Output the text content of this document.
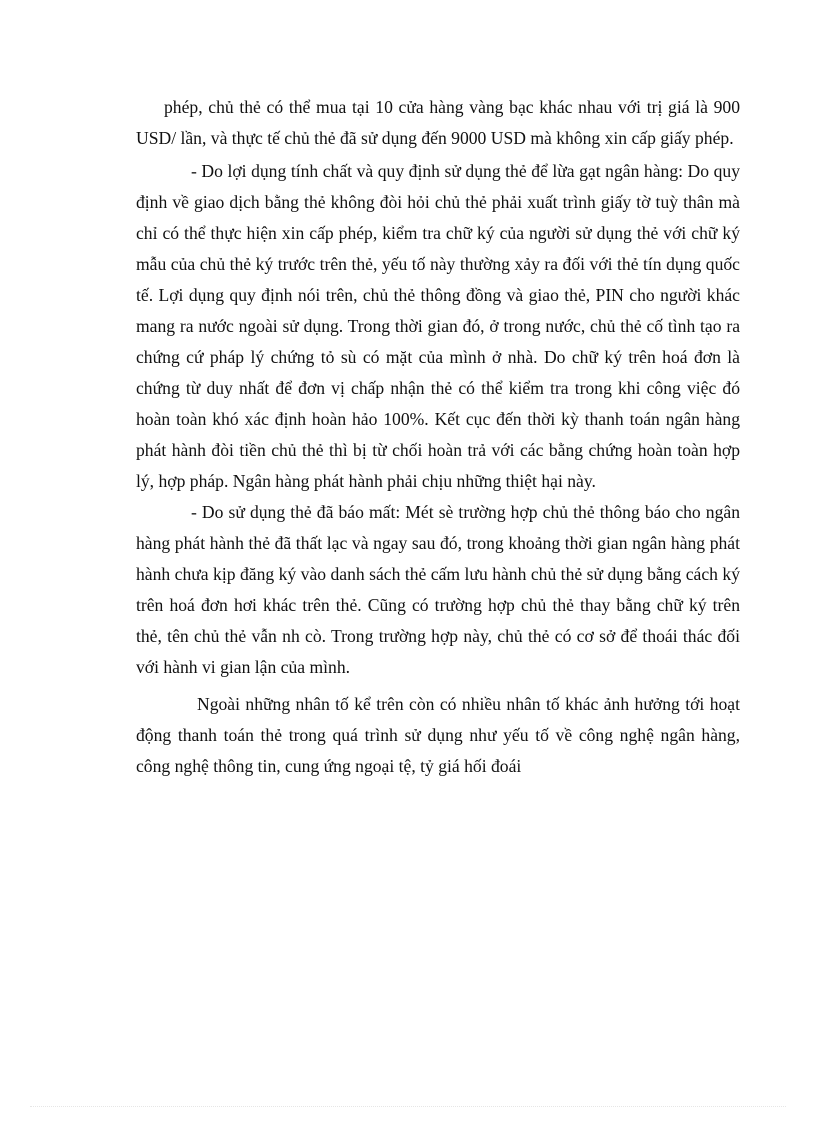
phép, chủ thẻ có thể mua tại 10 cửa hàng vàng bạc khác nhau với trị giá là 900 USD/ lần, và thực tế chủ thẻ đã sử dụng đến 9000 USD mà không xin cấp giấy phép.

- Do lợi dụng tính chất và quy định sử dụng thẻ để lừa gạt ngân hàng: Do quy định về giao dịch bằng thẻ không đòi hỏi chủ thẻ phải xuất trình giấy tờ tuỳ thân mà chỉ có thể thực hiện xin cấp phép, kiểm tra chữ ký của người sử dụng thẻ với chữ ký mẫu của chủ thẻ ký trước trên thẻ, yếu tố này thường xảy ra đối với thẻ tín dụng quốc tế. Lợi dụng quy định nói trên, chủ thẻ thông đồng và giao thẻ, PIN cho người khác mang ra nước ngoài sử dụng. Trong thời gian đó, ở trong nước, chủ thẻ cố tình tạo ra chứng cứ pháp lý chứng tỏ sù có mặt của mình ở nhà. Do chữ ký trên hoá đơn là chứng từ duy nhất để đơn vị chấp nhận thẻ có thể kiểm tra trong khi công việc đó hoàn toàn khó xác định hoàn hảo 100%. Kết cục đến thời kỳ thanh toán ngân hàng phát hành đòi tiền chủ thẻ thì bị từ chối hoàn trả với các bằng chứng hoàn toàn hợp lý, hợp pháp. Ngân hàng phát hành phải chịu những thiệt hại này.

- Do sử dụng thẻ đã báo mất: Mét sè trường hợp chủ thẻ thông báo cho ngân hàng phát hành thẻ đã thất lạc và ngay sau đó, trong khoảng thời gian ngân hàng phát hành chưa kịp đăng ký vào danh sách thẻ cấm lưu hành chủ thẻ sử dụng bằng cách ký trên hoá đơn hơi khác trên thẻ. Cũng có trường hợp chủ thẻ thay bằng chữ ký trên thẻ, tên chủ thẻ vẫn nh cò. Trong trường hợp này, chủ thẻ có cơ sở để thoái thác đối với hành vi gian lận của mình.

Ngoài những nhân tố kể trên còn có nhiều nhân tố khác ảnh hưởng tới hoạt động thanh toán thẻ trong quá trình sử dụng như yếu tố về công nghệ ngân hàng, công nghệ thông tin, cung ứng ngoại tệ, tỷ giá hối đoái
